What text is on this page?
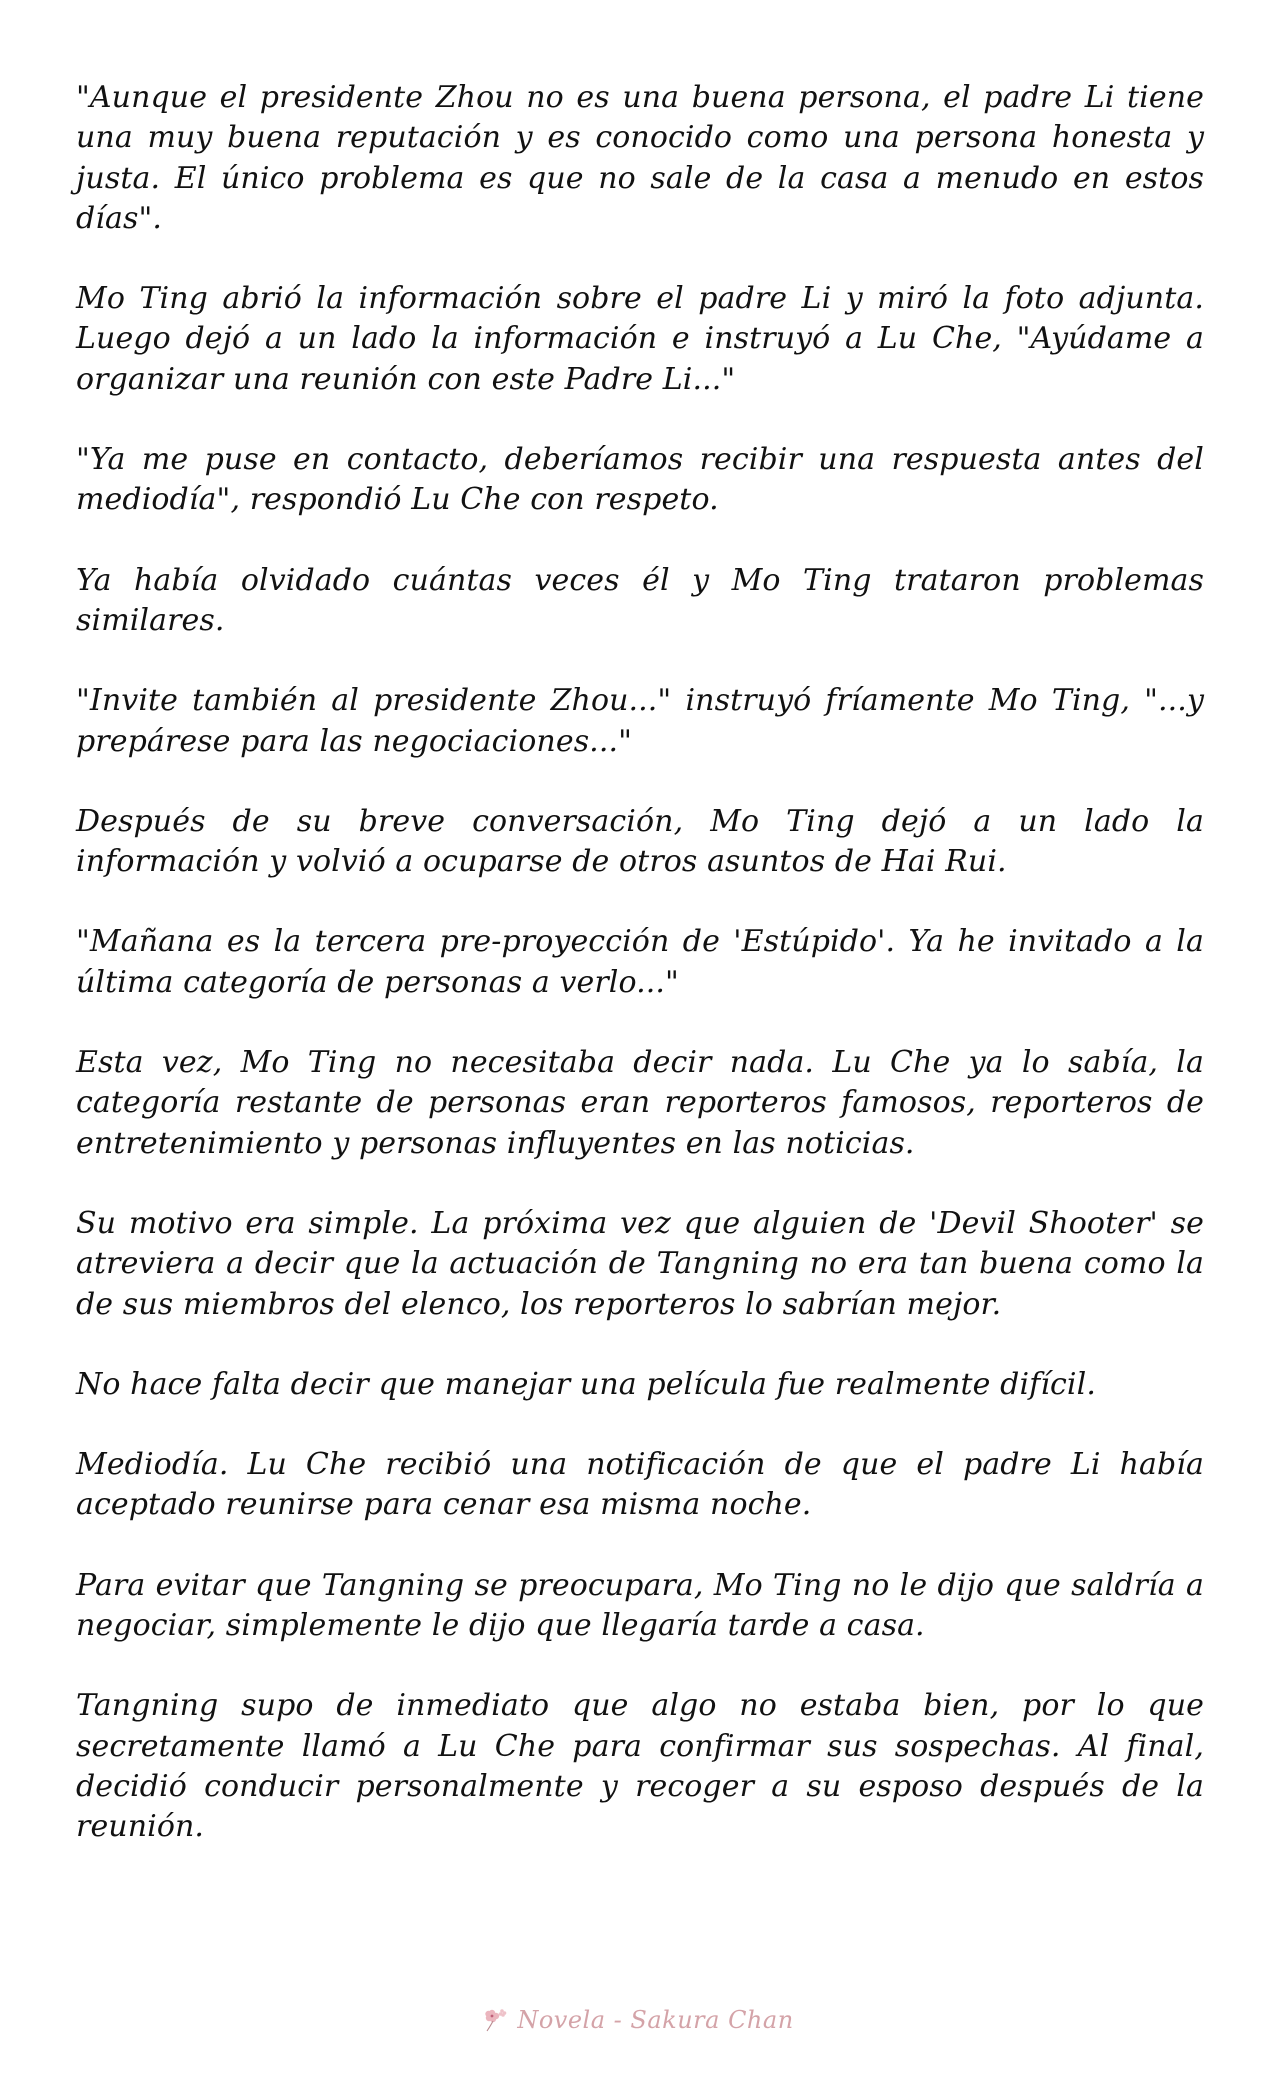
"Aunque el presidente Zhou no es una buena persona, el padre Li tiene una muy buena reputación y es conocido como una persona honesta y justa. El único problema es que no sale de la casa a menudo en estos días".

Mo Ting abrió la información sobre el padre Li y miró la foto adjunta. Luego dejó a un lado la información e instruyó a Lu Che, "Ayúdame a organizar una reunión con este Padre Li..."

"Ya me puse en contacto, deberíamos recibir una respuesta antes del mediodía", respondió Lu Che con respeto.

Ya había olvidado cuántas veces él y Mo Ting trataron problemas similares.

"Invite también al presidente Zhou..." instruyó fríamente Mo Ting, "...y prepárese para las negociaciones..."

Después de su breve conversación, Mo Ting dejó a un lado la información y volvió a ocuparse de otros asuntos de Hai Rui.

"Mañana es la tercera pre-proyección de 'Estúpido'. Ya he invitado a la última categoría de personas a verlo..."

Esta vez, Mo Ting no necesitaba decir nada. Lu Che ya lo sabía, la categoría restante de personas eran reporteros famosos, reporteros de entretenimiento y personas influyentes en las noticias.

Su motivo era simple. La próxima vez que alguien de 'Devil Shooter' se atreviera a decir que la actuación de Tangning no era tan buena como la de sus miembros del elenco, los reporteros lo sabrían mejor.

No hace falta decir que manejar una película fue realmente difícil.

Mediodía. Lu Che recibió una notificación de que el padre Li había aceptado reunirse para cenar esa misma noche.

Para evitar que Tangning se preocupara, Mo Ting no le dijo que saldría a negociar, simplemente le dijo que llegaría tarde a casa.

Tangning supo de inmediato que algo no estaba bien, por lo que secretamente llamó a Lu Che para confirmar sus sospechas. Al final, decidió conducir personalmente y recoger a su esposo después de la reunión.

Novela - Sakura Chan
